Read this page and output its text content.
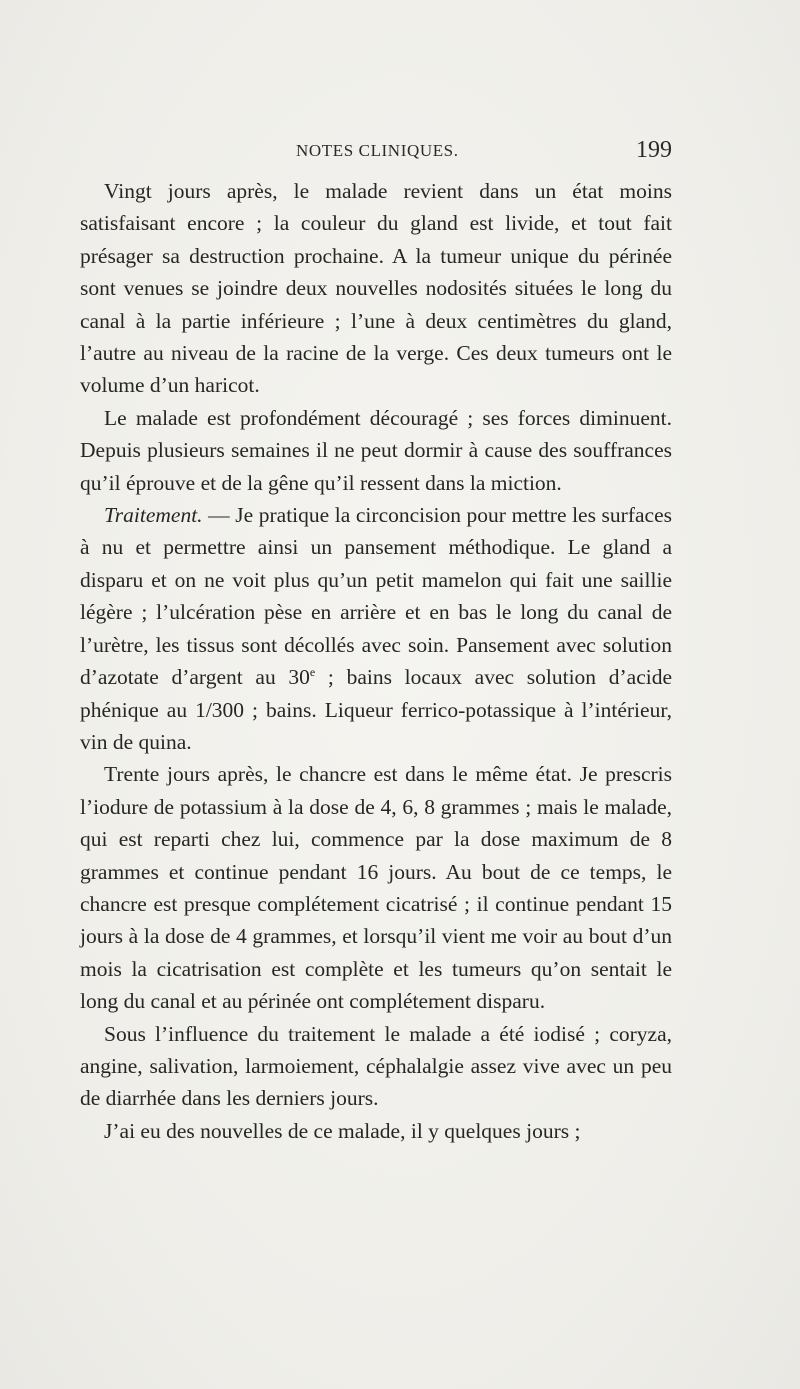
NOTES CLINIQUES.	199

Vingt jours après, le malade revient dans un état moins satisfaisant encore ; la couleur du gland est livide, et tout fait présager sa destruction prochaine. A la tumeur unique du périnée sont venues se joindre deux nouvelles nodosités situées le long du canal à la partie inférieure ; l’une à deux centimètres du gland, l’autre au niveau de la racine de la verge. Ces deux tumeurs ont le volume d’un haricot.

Le malade est profondément découragé ; ses forces diminuent. Depuis plusieurs semaines il ne peut dormir à cause des souffrances qu’il éprouve et de la gêne qu’il ressent dans la miction.

Traitement. — Je pratique la circoncision pour mettre les surfaces à nu et permettre ainsi un pansement méthodique. Le gland a disparu et on ne voit plus qu’un petit mamelon qui fait une saillie légère ; l’ulcération pèse en arrière et en bas le long du canal de l’urètre, les tissus sont décollés avec soin. Pansement avec solution d’azotate d’argent au 30e ; bains locaux avec solution d’acide phénique au 1/300 ; bains. Liqueur ferrico-potassique à l’intérieur, vin de quina.

Trente jours après, le chancre est dans le même état. Je prescris l’iodure de potassium à la dose de 4, 6, 8 grammes ; mais le malade, qui est reparti chez lui, commence par la dose maximum de 8 grammes et continue pendant 16 jours. Au bout de ce temps, le chancre est presque complétement cicatrisé ; il continue pendant 15 jours à la dose de 4 grammes, et lorsqu’il vient me voir au bout d’un mois la cicatrisation est complète et les tumeurs qu’on sentait le long du canal et au périnée ont complétement disparu.

Sous l’influence du traitement le malade a été iodisé ; coryza, angine, salivation, larmoiement, céphalalgie assez vive avec un peu de diarrhée dans les derniers jours.

J’ai eu des nouvelles de ce malade, il y quelques jours ;
